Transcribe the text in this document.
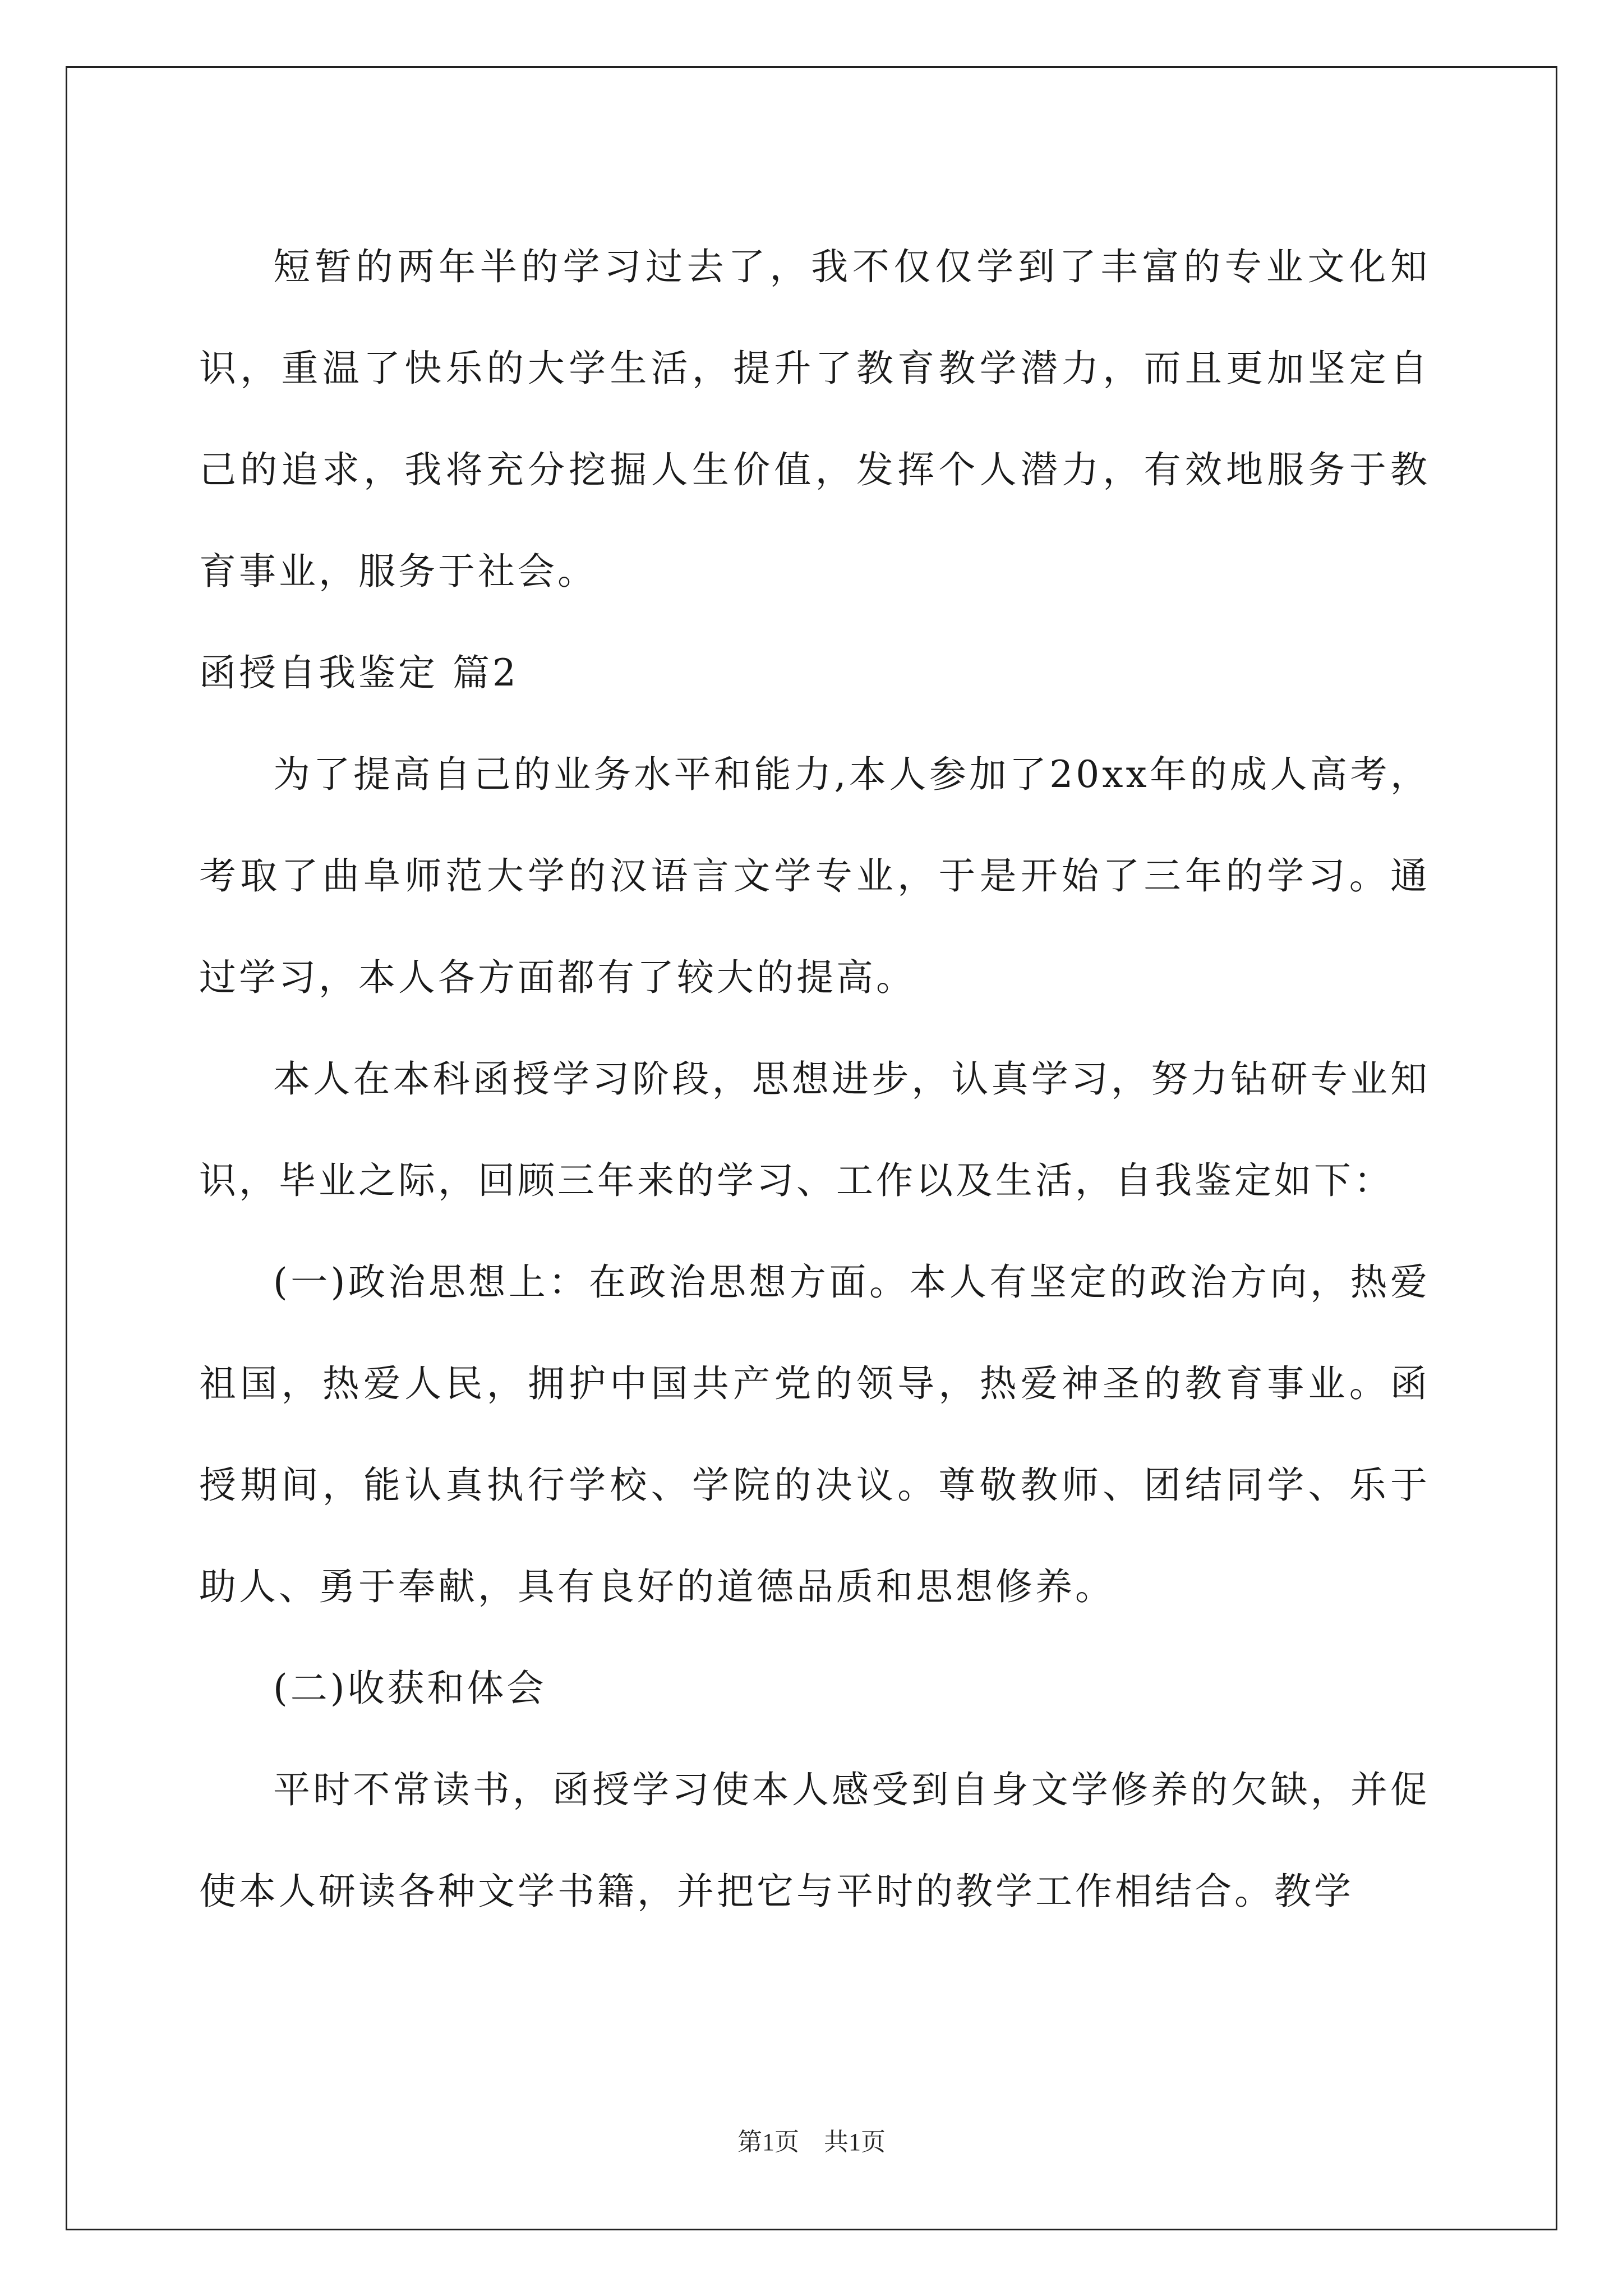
短暂的两年半的学习过去了，我不仅仅学到了丰富的专业文化知识，重温了快乐的大学生活，提升了教育教学潜力，而且更加坚定自己的追求，我将充分挖掘人生价值，发挥个人潜力，有效地服务于教育事业，服务于社会。

函授自我鉴定 篇2

为了提高自己的业务水平和能力,本人参加了20xx年的成人高考，考取了曲阜师范大学的汉语言文学专业，于是开始了三年的学习。通过学习，本人各方面都有了较大的提高。

本人在本科函授学习阶段，思想进步，认真学习，努力钻研专业知识，毕业之际，回顾三年来的学习、工作以及生活，自我鉴定如下：

(一)政治思想上：在政治思想方面。本人有坚定的政治方向，热爱祖国，热爱人民，拥护中国共产党的领导，热爱神圣的教育事业。函授期间，能认真执行学校、学院的决议。尊敬教师、团结同学、乐于助人、勇于奉献，具有良好的道德品质和思想修养。

(二)收获和体会

平时不常读书，函授学习使本人感受到自身文学修养的欠缺，并促使本人研读各种文学书籍，并把它与平时的教学工作相结合。教学

第1页　共1页
